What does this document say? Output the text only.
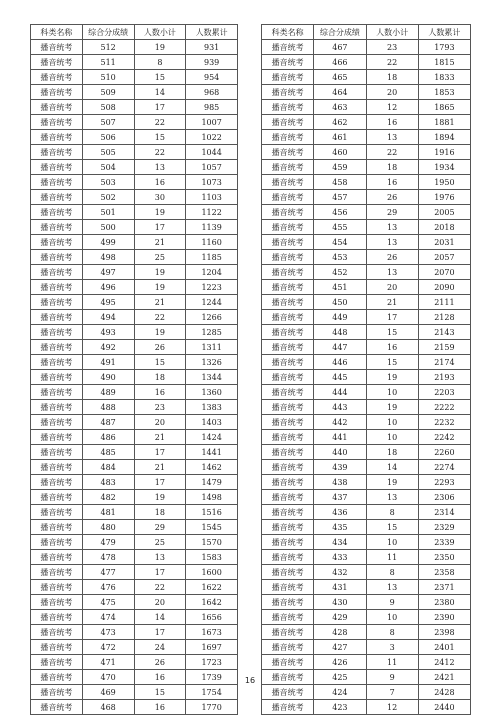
科类名称	综合分成绩	人数小计	人数累计
播音统考	512	19	931
播音统考	511	8	939
播音统考	510	15	954
播音统考	509	14	968
播音统考	508	17	985
播音统考	507	22	1007
播音统考	506	15	1022
播音统考	505	22	1044
播音统考	504	13	1057
播音统考	503	16	1073
播音统考	502	30	1103
播音统考	501	19	1122
播音统考	500	17	1139
播音统考	499	21	1160
播音统考	498	25	1185
播音统考	497	19	1204
播音统考	496	19	1223
播音统考	495	21	1244
播音统考	494	22	1266
播音统考	493	19	1285
播音统考	492	26	1311
播音统考	491	15	1326
播音统考	490	18	1344
播音统考	489	16	1360
播音统考	488	23	1383
播音统考	487	20	1403
播音统考	486	21	1424
播音统考	485	17	1441
播音统考	484	21	1462
播音统考	483	17	1479
播音统考	482	19	1498
播音统考	481	18	1516
播音统考	480	29	1545
播音统考	479	25	1570
播音统考	478	13	1583
播音统考	477	17	1600
播音统考	476	22	1622
播音统考	475	20	1642
播音统考	474	14	1656
播音统考	473	17	1673
播音统考	472	24	1697
播音统考	471	26	1723
播音统考	470	16	1739
播音统考	469	15	1754
播音统考	468	16	1770
科类名称	综合分成绩	人数小计	人数累计
播音统考	467	23	1793
播音统考	466	22	1815
播音统考	465	18	1833
播音统考	464	20	1853
播音统考	463	12	1865
播音统考	462	16	1881
播音统考	461	13	1894
播音统考	460	22	1916
播音统考	459	18	1934
播音统考	458	16	1950
播音统考	457	26	1976
播音统考	456	29	2005
播音统考	455	13	2018
播音统考	454	13	2031
播音统考	453	26	2057
播音统考	452	13	2070
播音统考	451	20	2090
播音统考	450	21	2111
播音统考	449	17	2128
播音统考	448	15	2143
播音统考	447	16	2159
播音统考	446	15	2174
播音统考	445	19	2193
播音统考	444	10	2203
播音统考	443	19	2222
播音统考	442	10	2232
播音统考	441	10	2242
播音统考	440	18	2260
播音统考	439	14	2274
播音统考	438	19	2293
播音统考	437	13	2306
播音统考	436	8	2314
播音统考	435	15	2329
播音统考	434	10	2339
播音统考	433	11	2350
播音统考	432	8	2358
播音统考	431	13	2371
播音统考	430	9	2380
播音统考	429	10	2390
播音统考	428	8	2398
播音统考	427	3	2401
播音统考	426	11	2412
播音统考	425	9	2421
播音统考	424	7	2428
播音统考	423	12	2440
16
